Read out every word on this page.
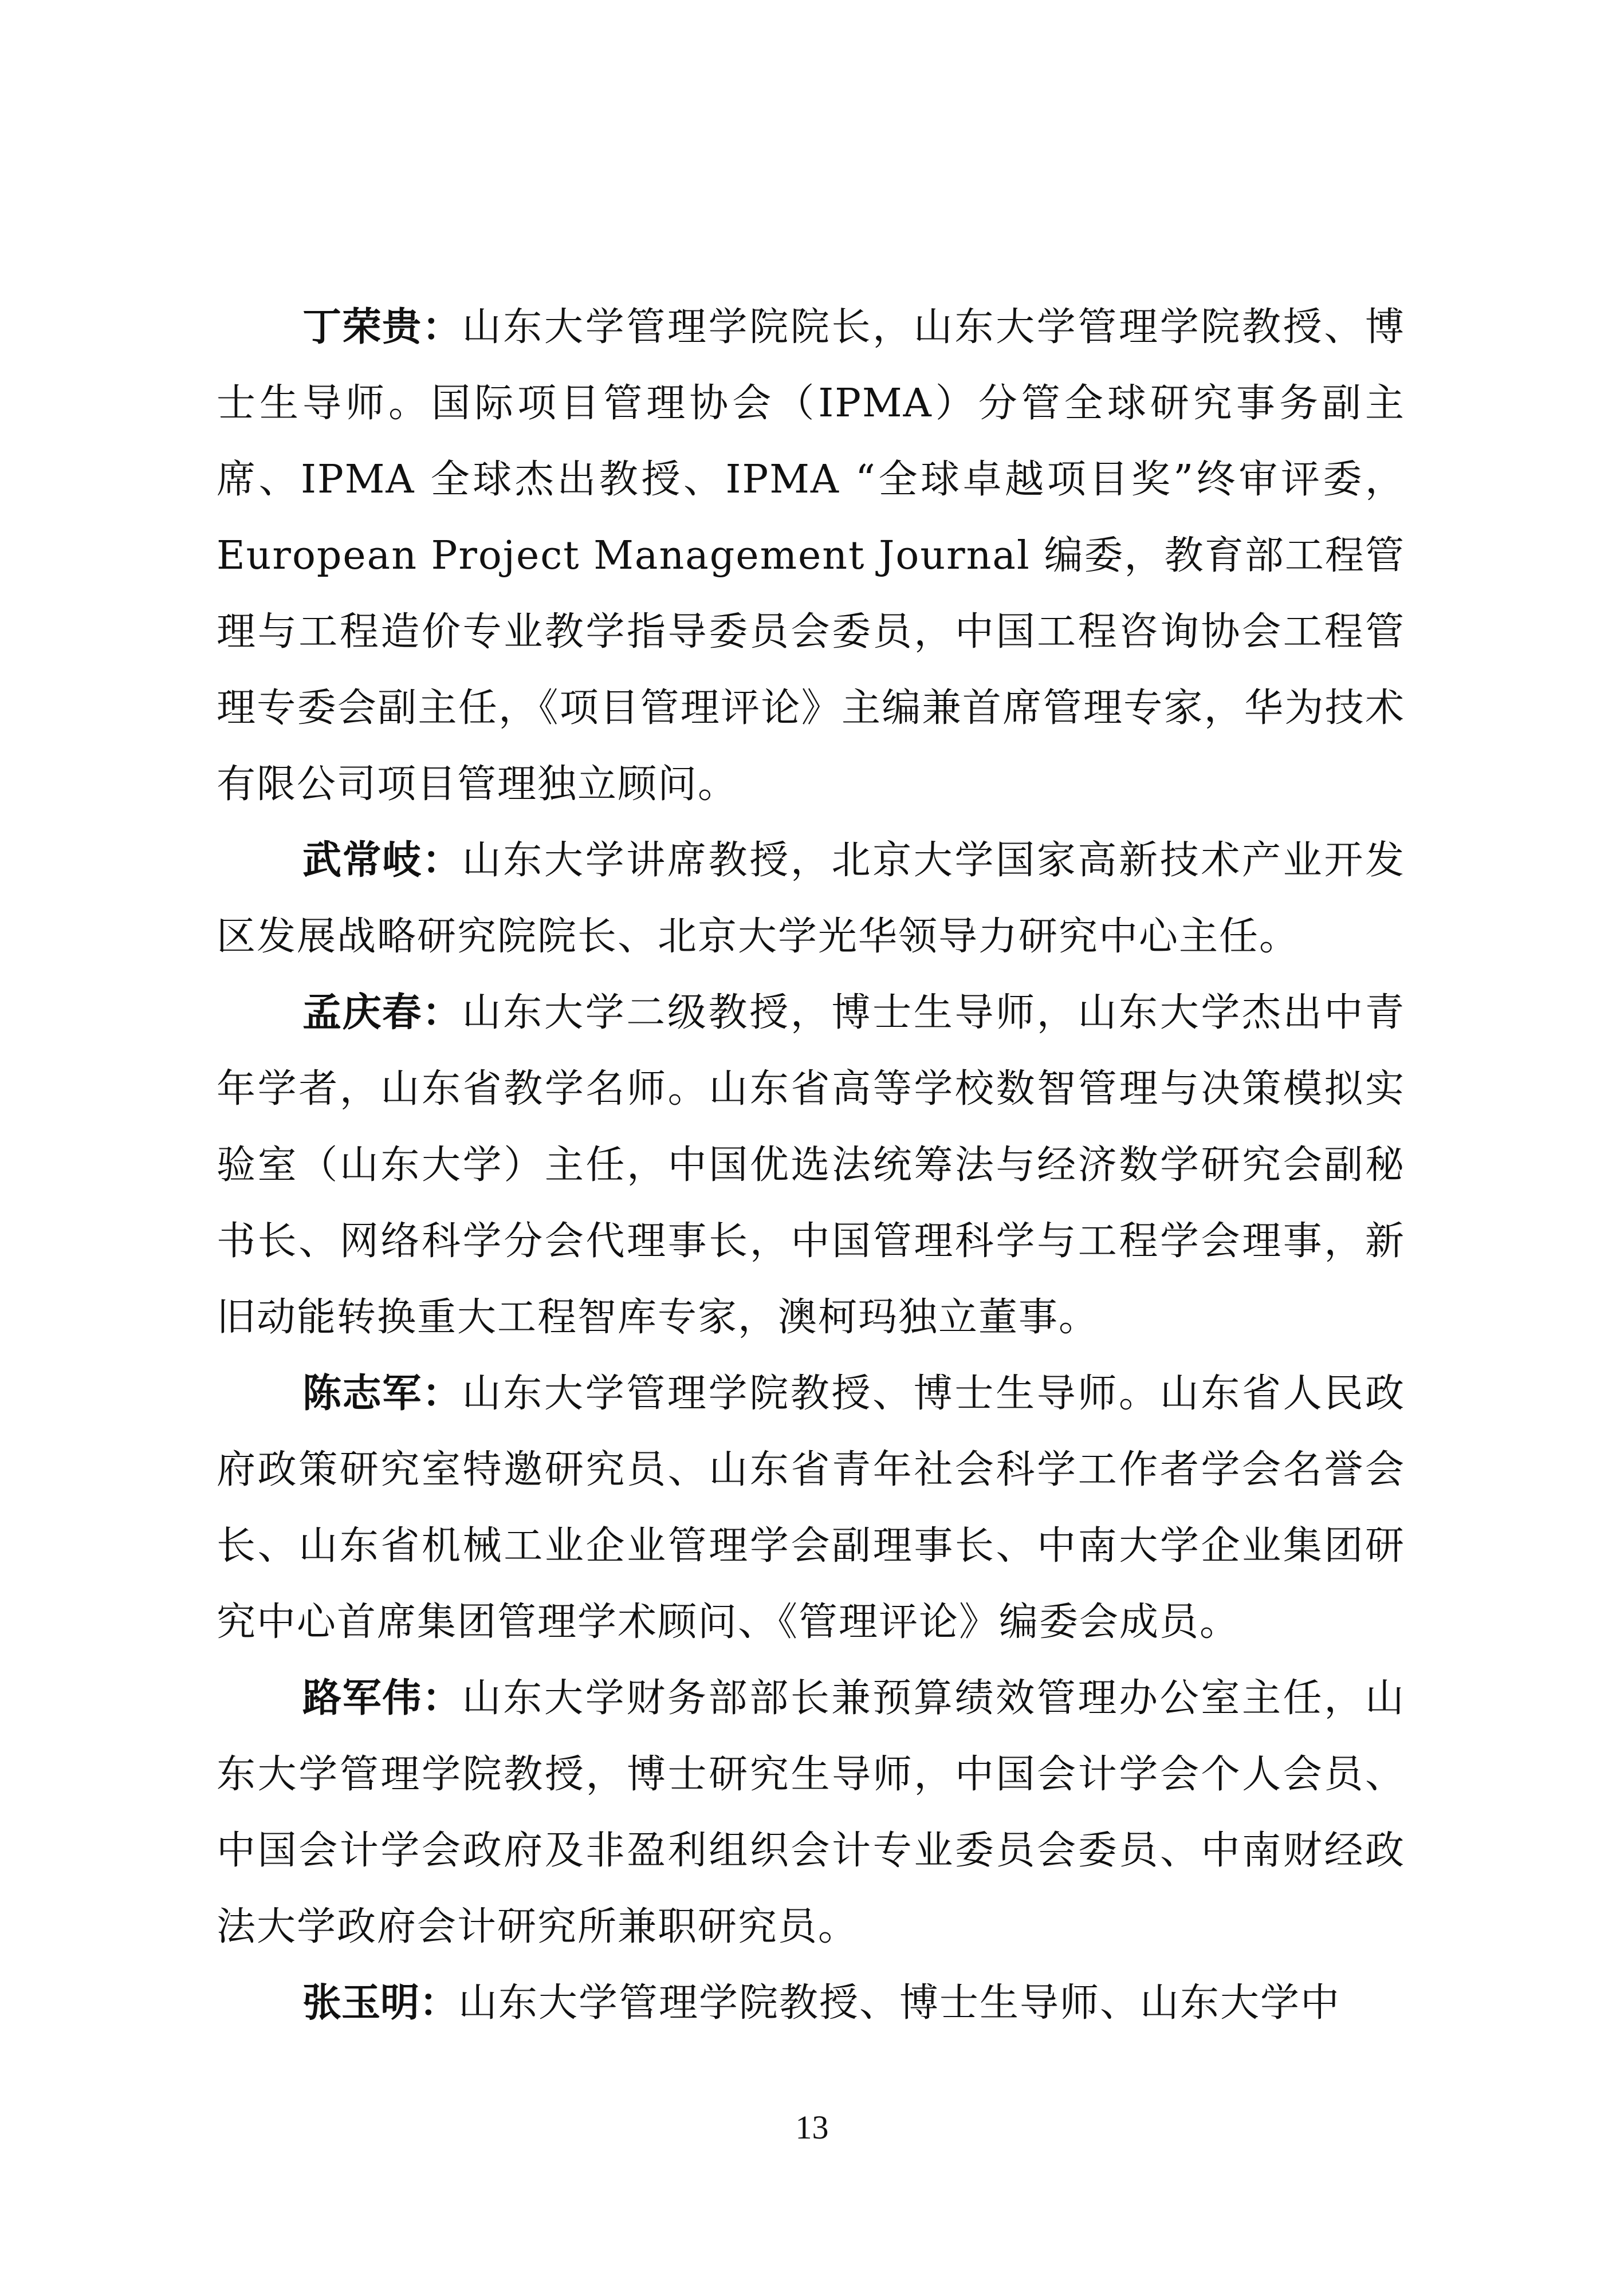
丁荣贵：山东大学管理学院院长，山东大学管理学院教授、博士生导师。国际项目管理协会（IPMA）分管全球研究事务副主席、IPMA 全球杰出教授、IPMA “全球卓越项目奖”终审评委，European Project Management Journal 编委，教育部工程管理与工程造价专业教学指导委员会委员，中国工程咨询协会工程管理专委会副主任，《项目管理评论》主编兼首席管理专家，华为技术有限公司项目管理独立顾问。

武常岐：山东大学讲席教授，北京大学国家高新技术产业开发区发展战略研究院院长、北京大学光华领导力研究中心主任。

孟庆春：山东大学二级教授，博士生导师，山东大学杰出中青年学者，山东省教学名师。山东省高等学校数智管理与决策模拟实验室（山东大学）主任，中国优选法统筹法与经济数学研究会副秘书长、网络科学分会代理事长，中国管理科学与工程学会理事，新旧动能转换重大工程智库专家，澳柯玛独立董事。

陈志军：山东大学管理学院教授、博士生导师。山东省人民政府政策研究室特邀研究员、山东省青年社会科学工作者学会名誉会长、山东省机械工业企业管理学会副理事长、中南大学企业集团研究中心首席集团管理学术顾问、《管理评论》编委会成员。

路军伟：山东大学财务部部长兼预算绩效管理办公室主任，山东大学管理学院教授，博士研究生导师，中国会计学会个人会员、中国会计学会政府及非盈利组织会计专业委员会委员、中南财经政法大学政府会计研究所兼职研究员。

张玉明：山东大学管理学院教授、博士生导师、山东大学中

13
